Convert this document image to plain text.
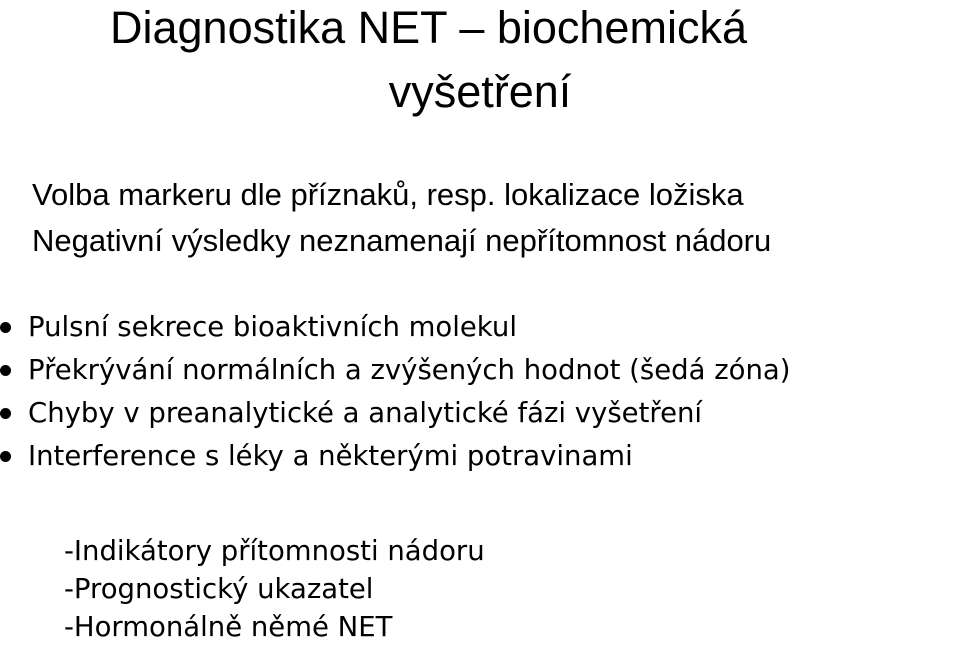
Diagnostika NET – biochemická
vyšetření
Volba markeru dle příznaků, resp. lokalizace ložiska
Negativní výsledky neznamenají nepřítomnost nádoru
Pulsní sekrece bioaktivních molekul
Překrývání normálních a zvýšených hodnot (šedá zóna)
Chyby v preanalytické a analytické fázi vyšetření
Interference s léky a některými potravinami
-Indikátory přítomnosti nádoru
-Prognostický ukazatel
-Hormonálně němé NET
